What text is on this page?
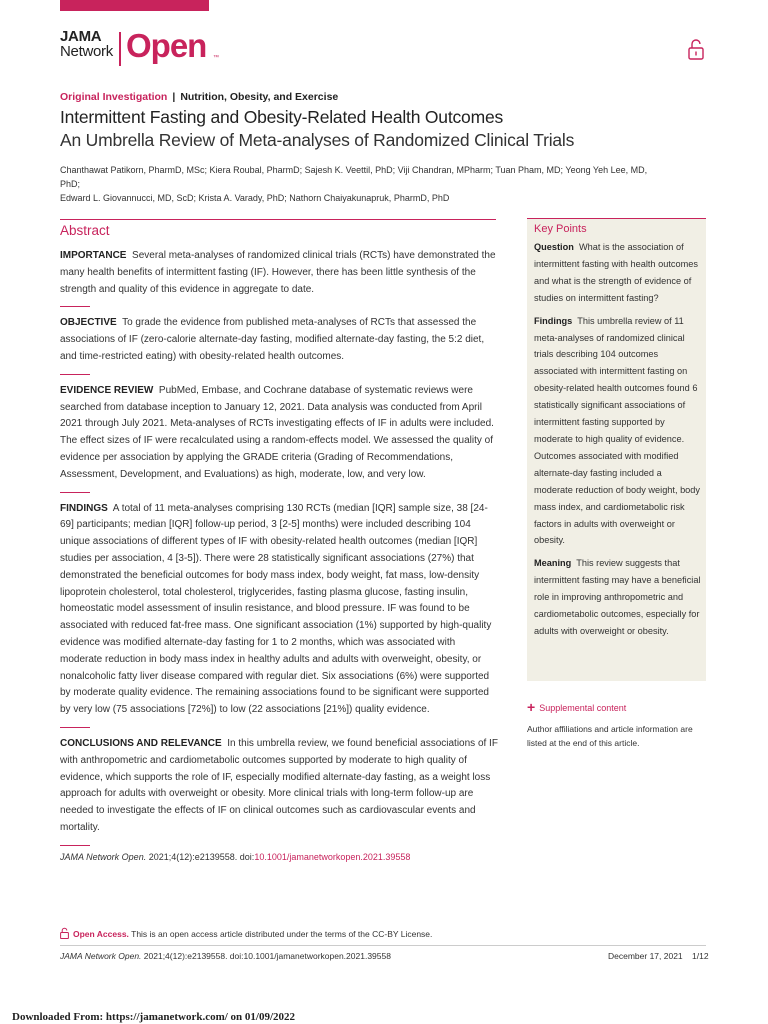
JAMA
Network Open ™
Original Investigation | Nutrition, Obesity, and Exercise
Intermittent Fasting and Obesity-Related Health Outcomes
An Umbrella Review of Meta-analyses of Randomized Clinical Trials
Chanthawat Patikorn, PharmD, MSc; Kiera Roubal, PharmD; Sajesh K. Veettil, PhD; Viji Chandran, MPharm; Tuan Pham, MD; Yeong Yeh Lee, MD, PhD;
Edward L. Giovannucci, MD, ScD; Krista A. Varady, PhD; Nathorn Chaiyakunapruk, PharmD, PhD
Abstract

IMPORTANCE Several meta-analyses of randomized clinical trials (RCTs) have demonstrated the many health benefits of intermittent fasting (IF). However, there has been little synthesis of the strength and quality of this evidence in aggregate to date.

OBJECTIVE To grade the evidence from published meta-analyses of RCTs that assessed the associations of IF (zero-calorie alternate-day fasting, modified alternate-day fasting, the 5:2 diet, and time-restricted eating) with obesity-related health outcomes.

EVIDENCE REVIEW PubMed, Embase, and Cochrane database of systematic reviews were searched from database inception to January 12, 2021. Data analysis was conducted from April 2021 through July 2021. Meta-analyses of RCTs investigating effects of IF in adults were included. The effect sizes of IF were recalculated using a random-effects model. We assessed the quality of evidence per association by applying the GRADE criteria (Grading of Recommendations, Assessment, Development, and Evaluations) as high, moderate, low, and very low.

FINDINGS A total of 11 meta-analyses comprising 130 RCTs (median [IQR] sample size, 38 [24-69] participants; median [IQR] follow-up period, 3 [2-5] months) were included describing 104 unique associations of different types of IF with obesity-related health outcomes (median [IQR] studies per association, 4 [3-5]). There were 28 statistically significant associations (27%) that demonstrated the beneficial outcomes for body mass index, body weight, fat mass, low-density lipoprotein cholesterol, total cholesterol, triglycerides, fasting plasma glucose, fasting insulin, homeostatic model assessment of insulin resistance, and blood pressure. IF was found to be associated with reduced fat-free mass. One significant association (1%) supported by high-quality evidence was modified alternate-day fasting for 1 to 2 months, which was associated with moderate reduction in body mass index in healthy adults and adults with overweight, obesity, or nonalcoholic fatty liver disease compared with regular diet. Six associations (6%) were supported by moderate quality evidence. The remaining associations found to be significant were supported by very low (75 associations [72%]) to low (22 associations [21%]) quality evidence.

CONCLUSIONS AND RELEVANCE In this umbrella review, we found beneficial associations of IF with anthropometric and cardiometabolic outcomes supported by moderate to high quality of evidence, which supports the role of IF, especially modified alternate-day fasting, as a weight loss approach for adults with overweight or obesity. More clinical trials with long-term follow-up are needed to investigate the effects of IF on clinical outcomes such as cardiovascular events and mortality.

JAMA Network Open. 2021;4(12):e2139558. doi:10.1001/jamanetworkopen.2021.39558
Key Points

Question What is the association of intermittent fasting with health outcomes and what is the strength of evidence of studies on intermittent fasting?

Findings This umbrella review of 11 meta-analyses of randomized clinical trials describing 104 outcomes associated with intermittent fasting on obesity-related health outcomes found 6 statistically significant associations of intermittent fasting supported by moderate to high quality of evidence. Outcomes associated with modified alternate-day fasting included a moderate reduction of body weight, body mass index, and cardiometabolic risk factors in adults with overweight or obesity.

Meaning This review suggests that intermittent fasting may have a beneficial role in improving anthropometric and cardiometabolic outcomes, especially for adults with overweight or obesity.

+ Supplemental content
Author affiliations and article information are listed at the end of this article.
Open Access. This is an open access article distributed under the terms of the CC-BY License.
JAMA Network Open. 2021;4(12):e2139558. doi:10.1001/jamanetworkopen.2021.39558	December 17, 2021 1/12
Downloaded From: https://jamanetwork.com/ on 01/09/2022
